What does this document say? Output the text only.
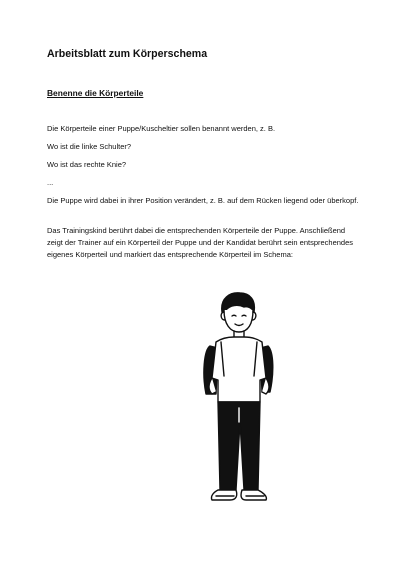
Arbeitsblatt zum Körperschema
Benenne die Körperteile

Die Körperteile einer Puppe/Kuscheltier sollen benannt werden, z. B.

Wo ist die linke Schulter?

Wo ist das rechte Knie?

...

Die Puppe wird dabei in ihrer Position verändert, z. B. auf dem Rücken liegend oder überkopf.

Das Trainingskind berührt dabei die entsprechenden Körperteile der Puppe. Anschließend zeigt der Trainer auf ein Körperteil der Puppe und der Kandidat berührt sein entsprechendes eigenes Körperteil und markiert das entsprechende Körperteil im Schema:
